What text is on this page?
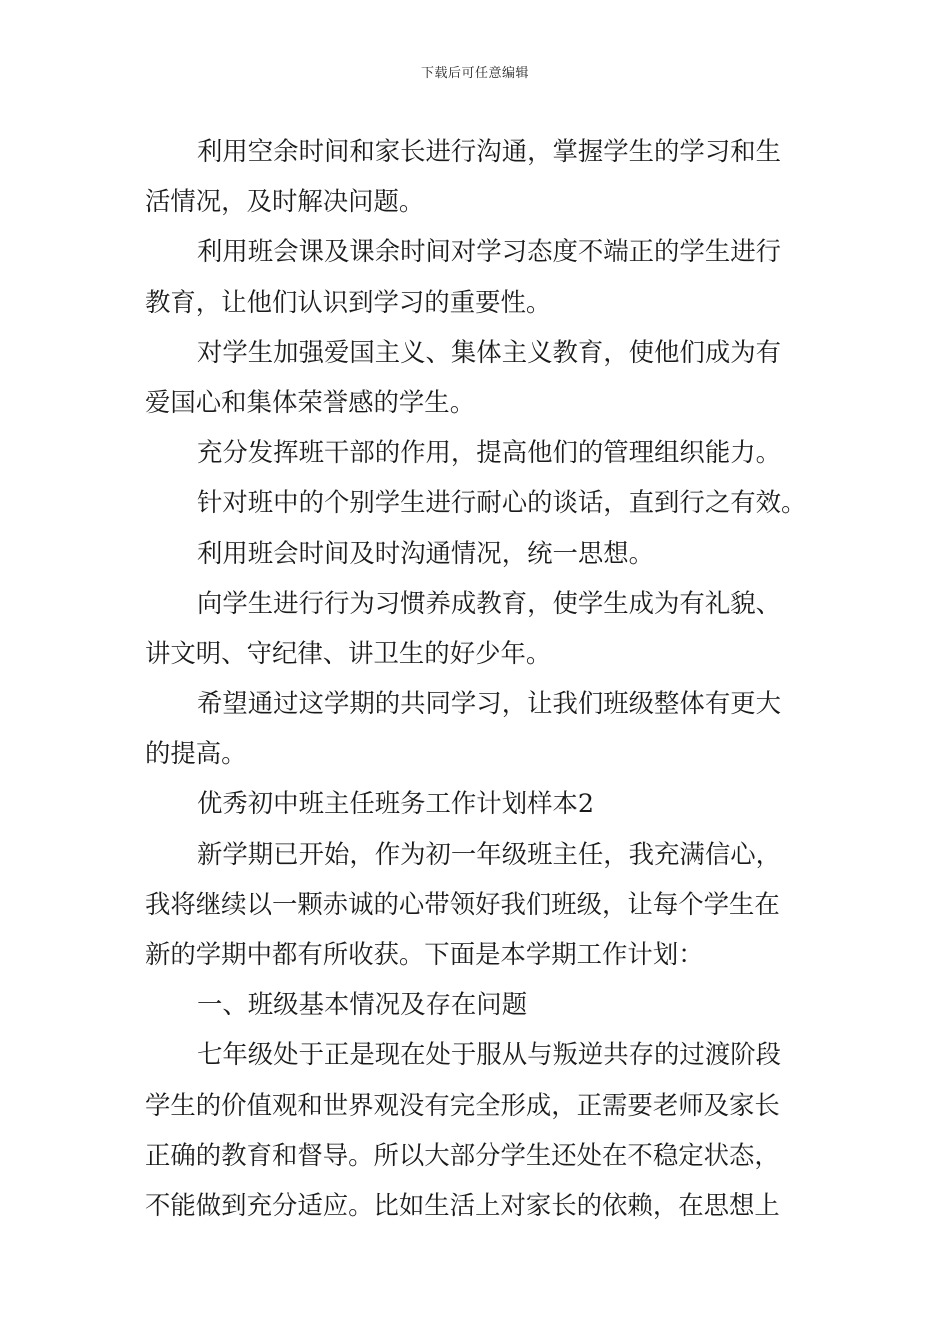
下载后可任意编辑
利用空余时间和家长进行沟通，掌握学生的学习和生
活情况，及时解决问题。
利用班会课及课余时间对学习态度不端正的学生进行
教育，让他们认识到学习的重要性。
对学生加强爱国主义、集体主义教育，使他们成为有
爱国心和集体荣誉感的学生。
充分发挥班干部的作用，提高他们的管理组织能力。
针对班中的个别学生进行耐心的谈话，直到行之有效。
利用班会时间及时沟通情况，统一思想。
向学生进行行为习惯养成教育，使学生成为有礼貌、
讲文明、守纪律、讲卫生的好少年。
希望通过这学期的共同学习，让我们班级整体有更大
的提高。
优秀初中班主任班务工作计划样本2
新学期已开始，作为初一年级班主任，我充满信心，
我将继续以一颗赤诚的心带领好我们班级，让每个学生在
新的学期中都有所收获。下面是本学期工作计划：
一、班级基本情况及存在问题
七年级处于正是现在处于服从与叛逆共存的过渡阶段
学生的价值观和世界观没有完全形成，正需要老师及家长
正确的教育和督导。所以大部分学生还处在不稳定状态，
不能做到充分适应。比如生活上对家长的依赖，在思想上
